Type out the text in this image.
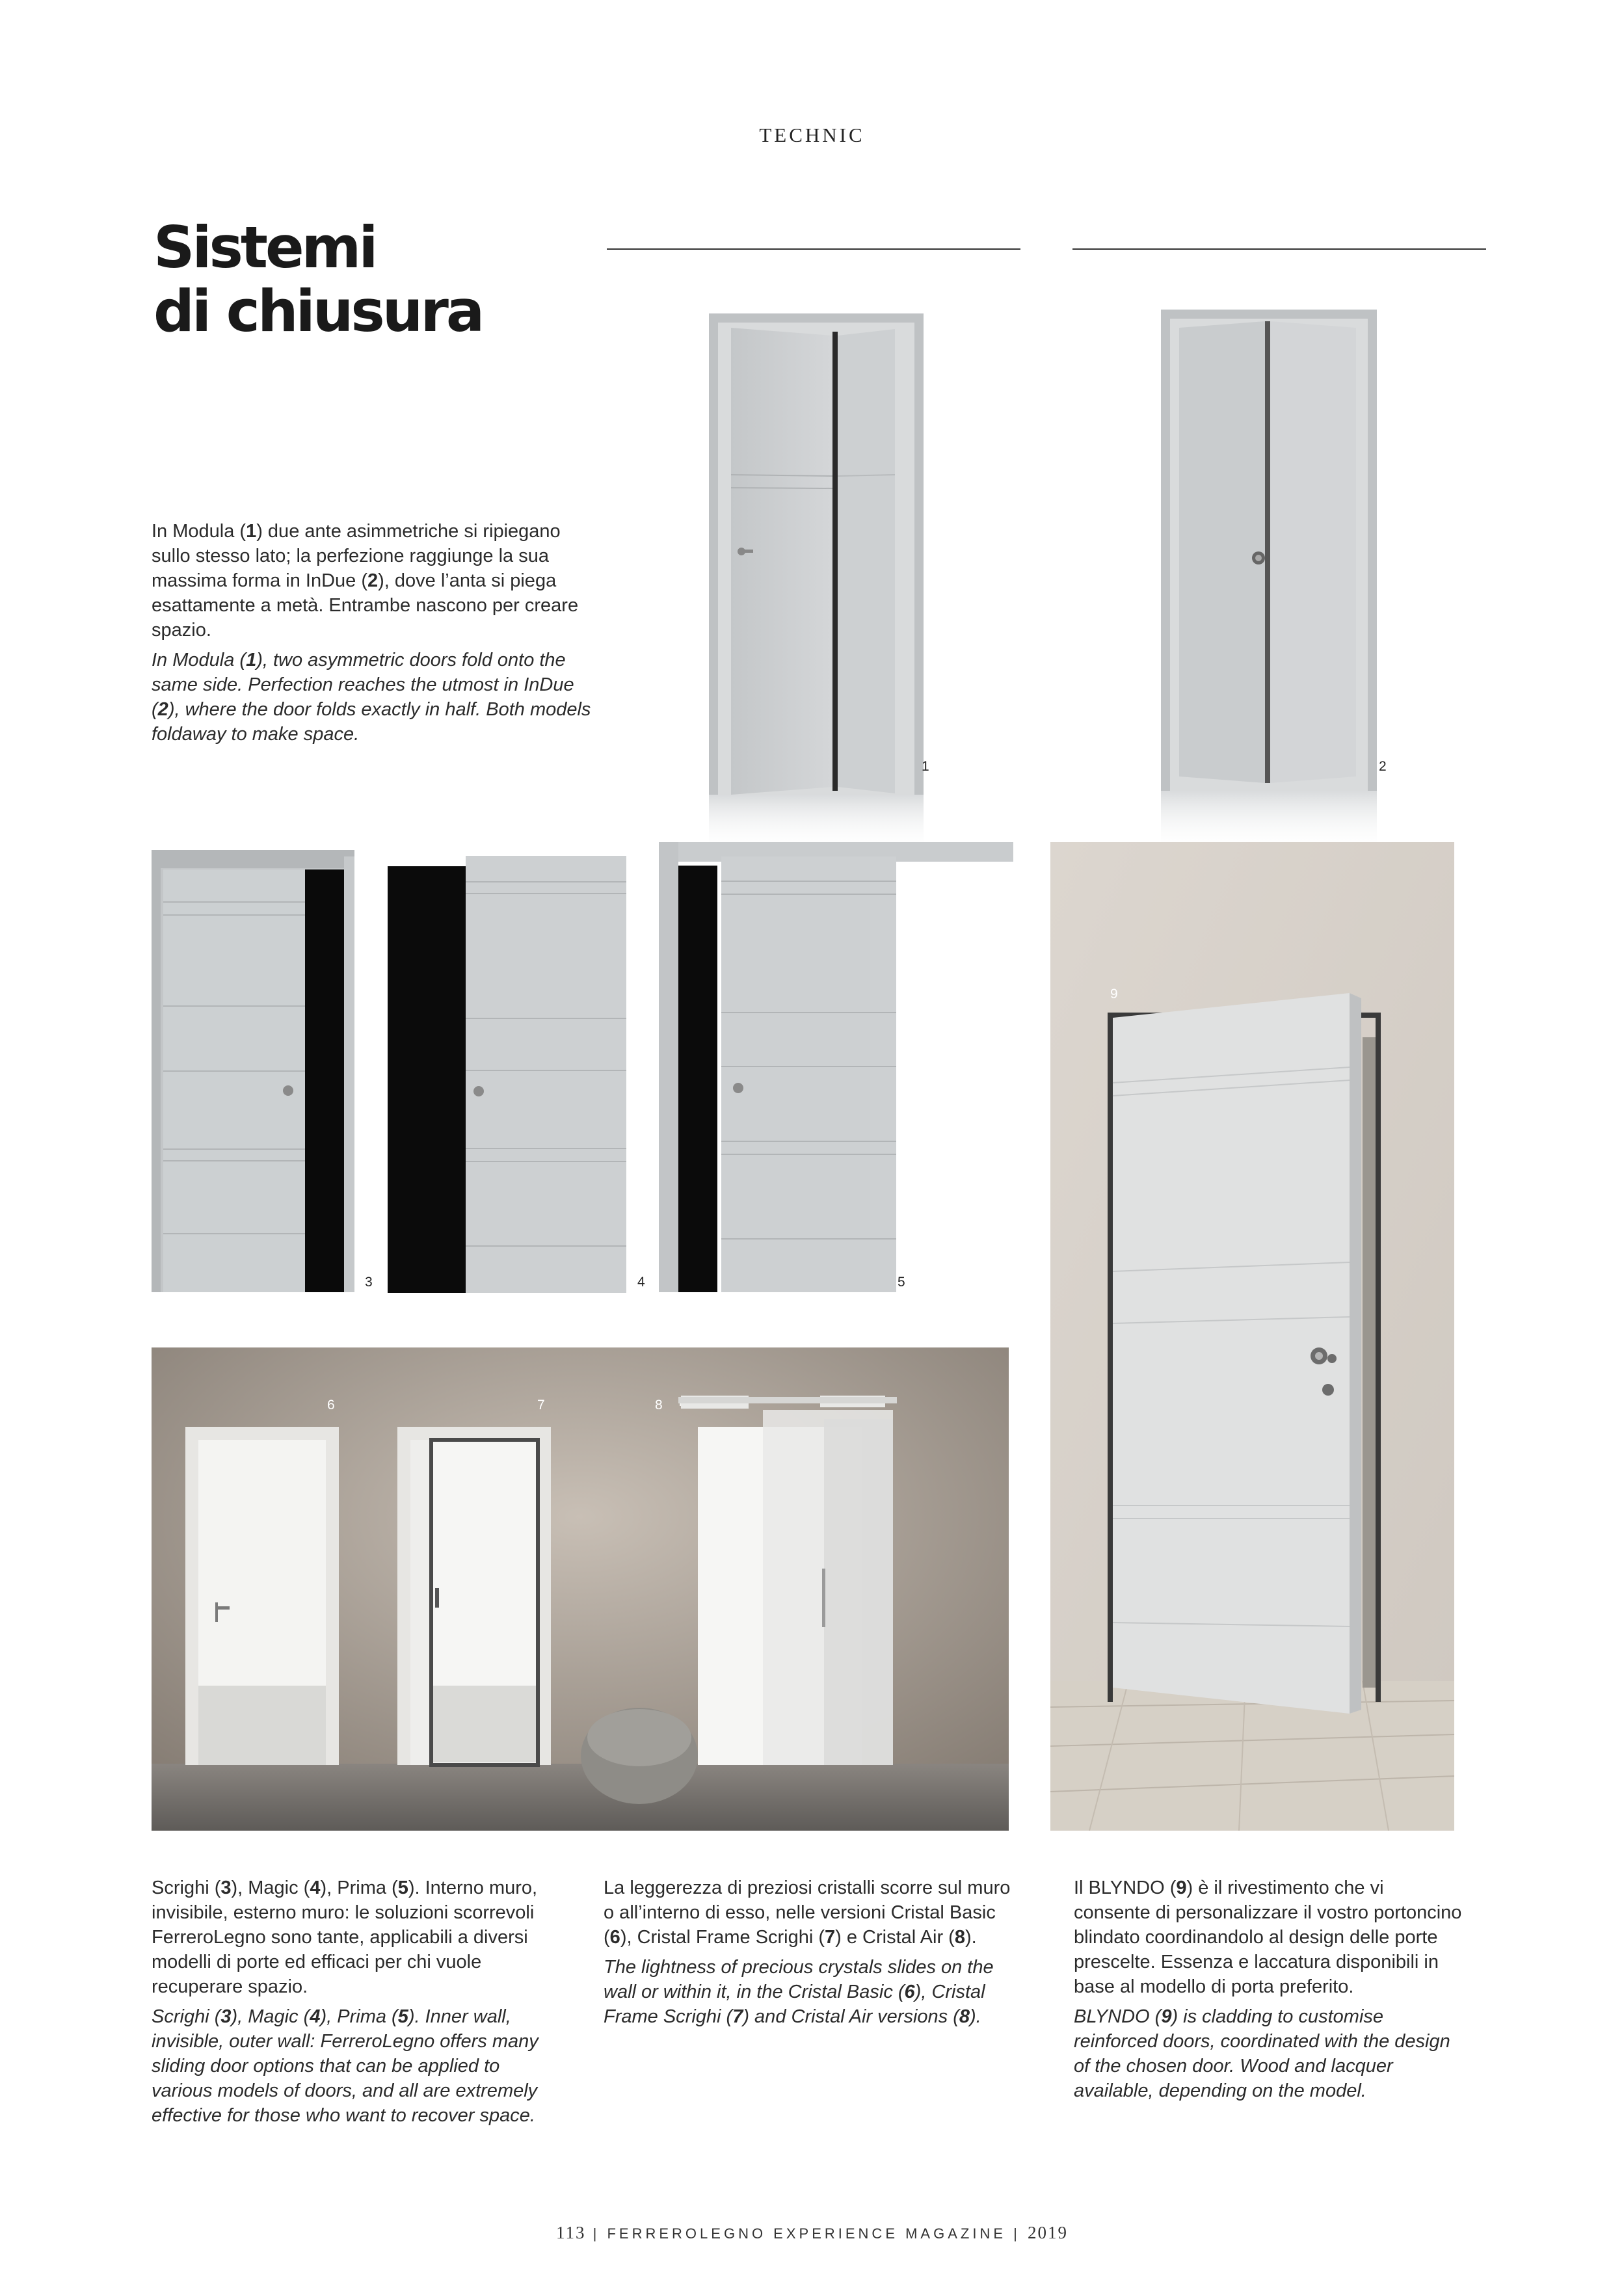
TECHNIC
Sistemi
di chiusura

In Modula (1) due ante asimmetriche si ripiegano sullo stesso lato; la perfezione raggiunge la sua massima forma in InDue (2), dove l’anta si piega esattamente a metà. Entrambe nascono per creare spazio.

In Modula (1), two asymmetric doors fold onto the same side. Perfection reaches the utmost in InDue (2), where the door folds exactly in half. Both models foldaway to make space.

1	2
3	4	5
9
6	7	8

Scrighi (3), Magic (4), Prima (5). Interno muro, invisibile, esterno muro: le soluzioni scorrevoli FerreroLegno sono tante, applicabili a diversi modelli di porte ed efficaci per chi vuole recuperare spazio.

Scrighi (3), Magic (4), Prima (5). Inner wall, invisible, outer wall: FerreroLegno offers many sliding door options that can be applied to various models of doors, and all are extremely effective for those who want to recover space.

La leggerezza di preziosi cristalli scorre sul muro o all’interno di esso, nelle versioni Cristal Basic (6), Cristal Frame Scrighi (7) e Cristal Air (8).

The lightness of precious crystals slides on the wall or within it, in the Cristal Basic (6), Cristal Frame Scrighi (7) and Cristal Air versions (8).

Il BLYNDO (9) è il rivestimento che vi consente di personalizzare il vostro portoncino blindato coordinandolo al design delle porte prescelte. Essenza e laccatura disponibili in base al modello di porta preferito.

BLYNDO (9) is cladding to customise reinforced doors, coordinated with the design of the chosen door. Wood and lacquer available, depending on the model.

113 | FERREROLEGNO EXPERIENCE MAGAZINE | 2019
